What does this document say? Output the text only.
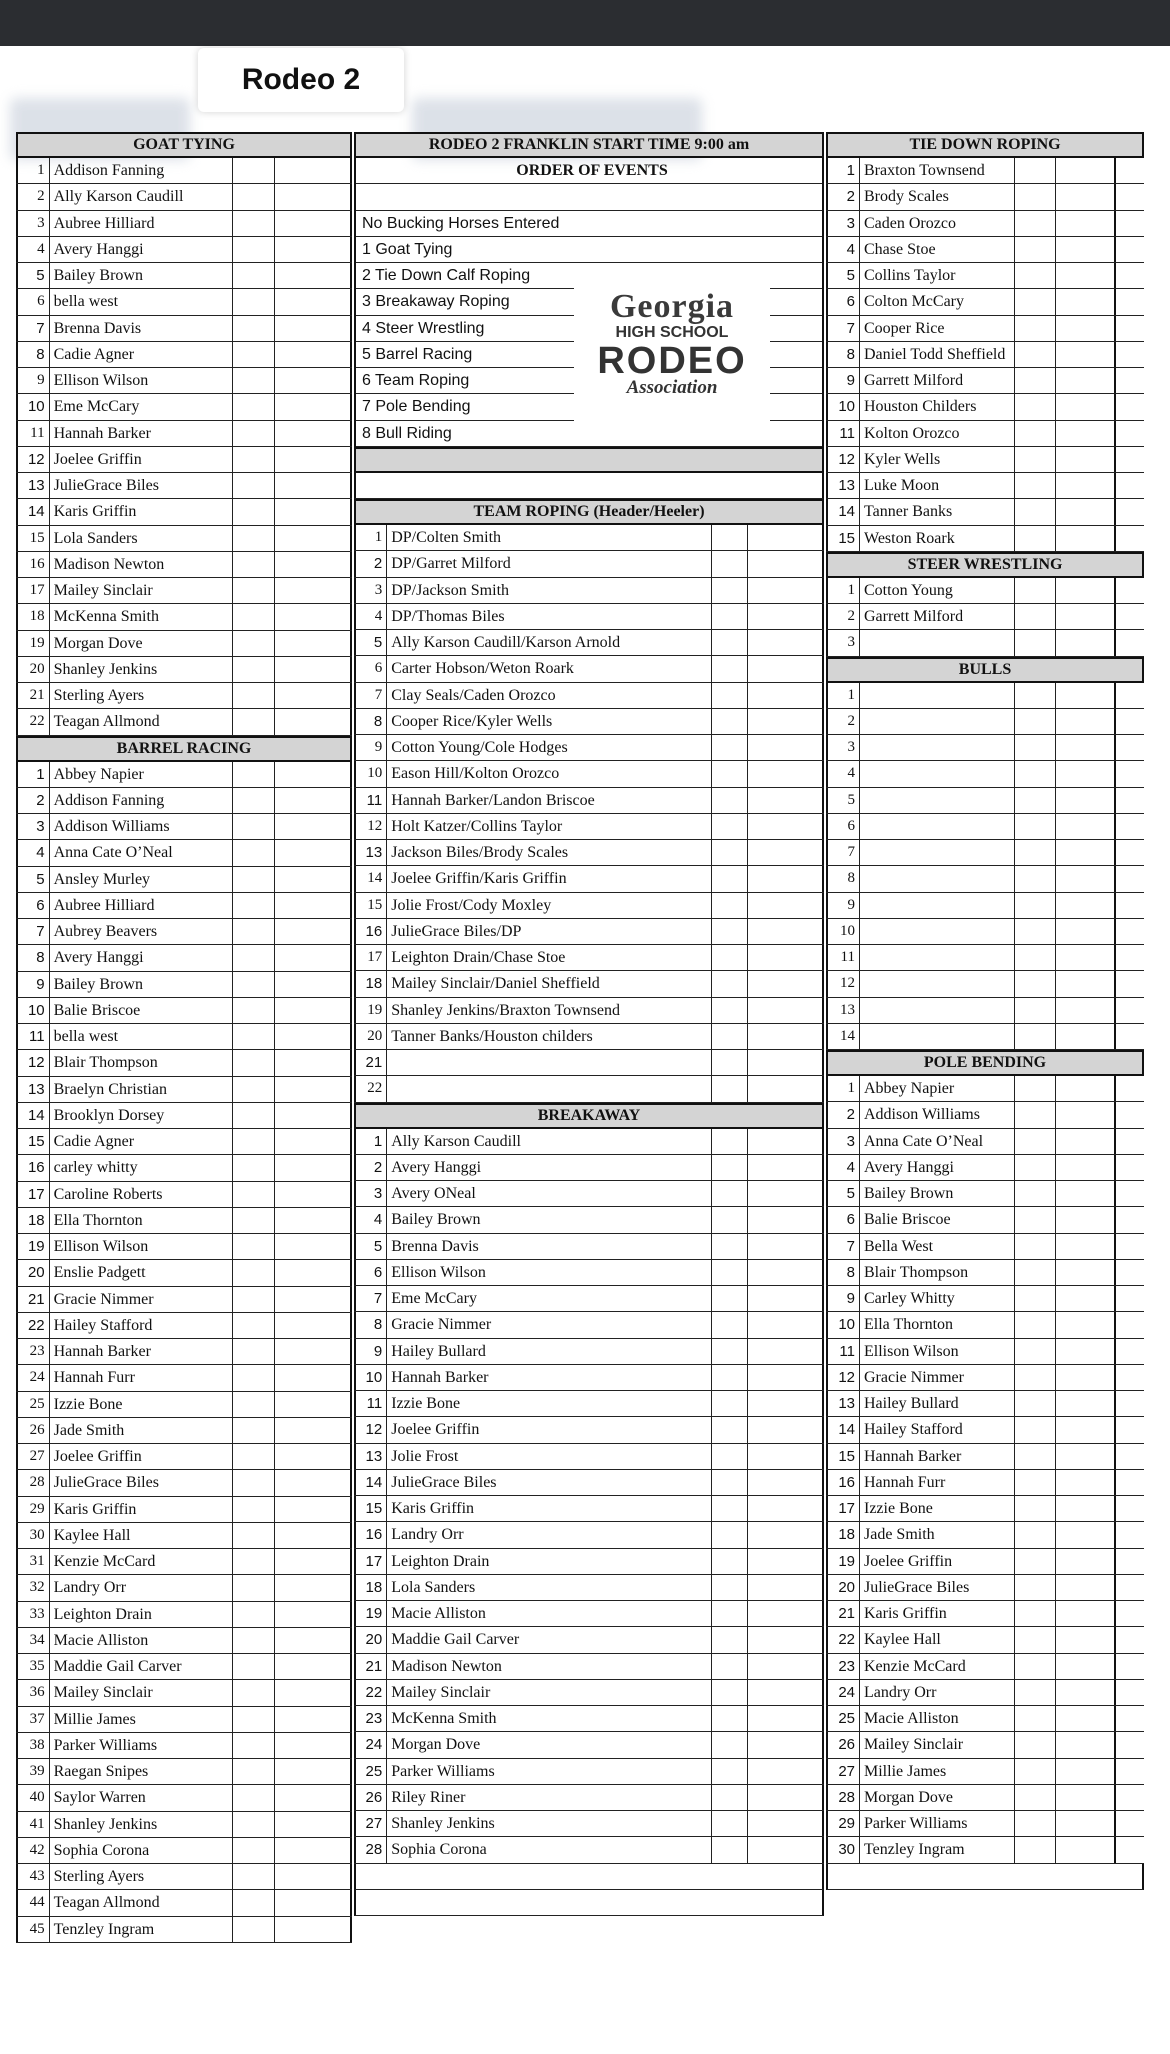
Rodeo 2
GOAT TYING
1 Addison Fanning
2 Ally Karson Caudill
3 Aubree Hilliard
4 Avery Hanggi
5 Bailey Brown
6 bella west
7 Brenna Davis
8 Cadie Agner
9 Ellison Wilson
10 Eme McCary
11 Hannah Barker
12 Joelee Griffin
13 JulieGrace Biles
14 Karis Griffin
15 Lola Sanders
16 Madison Newton
17 Mailey Sinclair
18 McKenna Smith
19 Morgan Dove
20 Shanley Jenkins
21 Sterling Ayers
22 Teagan Allmond
BARREL RACING
1 Abbey Napier
2 Addison Fanning
3 Addison Williams
4 Anna Cate O’Neal
5 Ansley Murley
6 Aubree Hilliard
7 Aubrey Beavers
8 Avery Hanggi
9 Bailey Brown
10 Balie Briscoe
11 bella west
12 Blair Thompson
13 Braelyn Christian
14 Brooklyn Dorsey
15 Cadie Agner
16 carley whitty
17 Caroline Roberts
18 Ella Thornton
19 Ellison Wilson
20 Enslie Padgett
21 Gracie Nimmer
22 Hailey Stafford
23 Hannah Barker
24 Hannah Furr
25 Izzie Bone
26 Jade Smith
27 Joelee Griffin
28 JulieGrace Biles
29 Karis Griffin
30 Kaylee Hall
31 Kenzie McCard
32 Landry Orr
33 Leighton Drain
34 Macie Alliston
35 Maddie Gail Carver
36 Mailey Sinclair
37 Millie James
38 Parker Williams
39 Raegan Snipes
40 Saylor Warren
41 Shanley Jenkins
42 Sophia Corona
43 Sterling Ayers
44 Teagan Allmond
45 Tenzley Ingram
RODEO 2 FRANKLIN START TIME 9:00 am
ORDER OF EVENTS
No Bucking Horses Entered
1 Goat Tying
2 Tie Down Calf Roping
3 Breakaway Roping
4 Steer Wrestling
5 Barrel Racing
6 Team Roping
7 Pole Bending
8 Bull Riding
Georgia
HIGH SCHOOL
RODEO
Association
TEAM ROPING (Header/Heeler)
1 DP/Colten Smith
2 DP/Garret Milford
3 DP/Jackson Smith
4 DP/Thomas Biles
5 Ally Karson Caudill/Karson Arnold
6 Carter Hobson/Weton Roark
7 Clay Seals/Caden Orozco
8 Cooper Rice/Kyler Wells
9 Cotton Young/Cole Hodges
10 Eason Hill/Kolton Orozco
11 Hannah Barker/Landon Briscoe
12 Holt Katzer/Collins Taylor
13 Jackson Biles/Brody Scales
14 Joelee Griffin/Karis Griffin
15 Jolie Frost/Cody Moxley
16 JulieGrace Biles/DP
17 Leighton Drain/Chase Stoe
18 Mailey Sinclair/Daniel Sheffield
19 Shanley Jenkins/Braxton Townsend
20 Tanner Banks/Houston childers
21
22
BREAKAWAY
1 Ally Karson Caudill
2 Avery Hanggi
3 Avery ONeal
4 Bailey Brown
5 Brenna Davis
6 Ellison Wilson
7 Eme McCary
8 Gracie Nimmer
9 Hailey Bullard
10 Hannah Barker
11 Izzie Bone
12 Joelee Griffin
13 Jolie Frost
14 JulieGrace Biles
15 Karis Griffin
16 Landry Orr
17 Leighton Drain
18 Lola Sanders
19 Macie Alliston
20 Maddie Gail Carver
21 Madison Newton
22 Mailey Sinclair
23 McKenna Smith
24 Morgan Dove
25 Parker Williams
26 Riley Riner
27 Shanley Jenkins
28 Sophia Corona
TIE DOWN ROPING
1 Braxton Townsend
2 Brody Scales
3 Caden Orozco
4 Chase Stoe
5 Collins Taylor
6 Colton McCary
7 Cooper Rice
8 Daniel Todd Sheffield
9 Garrett Milford
10 Houston Childers
11 Kolton Orozco
12 Kyler Wells
13 Luke Moon
14 Tanner Banks
15 Weston Roark
STEER WRESTLING
1 Cotton Young
2 Garrett Milford
3
BULLS
1
2
3
4
5
6
7
8
9
10
11
12
13
14
POLE BENDING
1 Abbey Napier
2 Addison Williams
3 Anna Cate O’Neal
4 Avery Hanggi
5 Bailey Brown
6 Balie Briscoe
7 Bella West
8 Blair Thompson
9 Carley Whitty
10 Ella Thornton
11 Ellison Wilson
12 Gracie Nimmer
13 Hailey Bullard
14 Hailey Stafford
15 Hannah Barker
16 Hannah Furr
17 Izzie Bone
18 Jade Smith
19 Joelee Griffin
20 JulieGrace Biles
21 Karis Griffin
22 Kaylee Hall
23 Kenzie McCard
24 Landry Orr
25 Macie Alliston
26 Mailey Sinclair
27 Millie James
28 Morgan Dove
29 Parker Williams
30 Tenzley Ingram
